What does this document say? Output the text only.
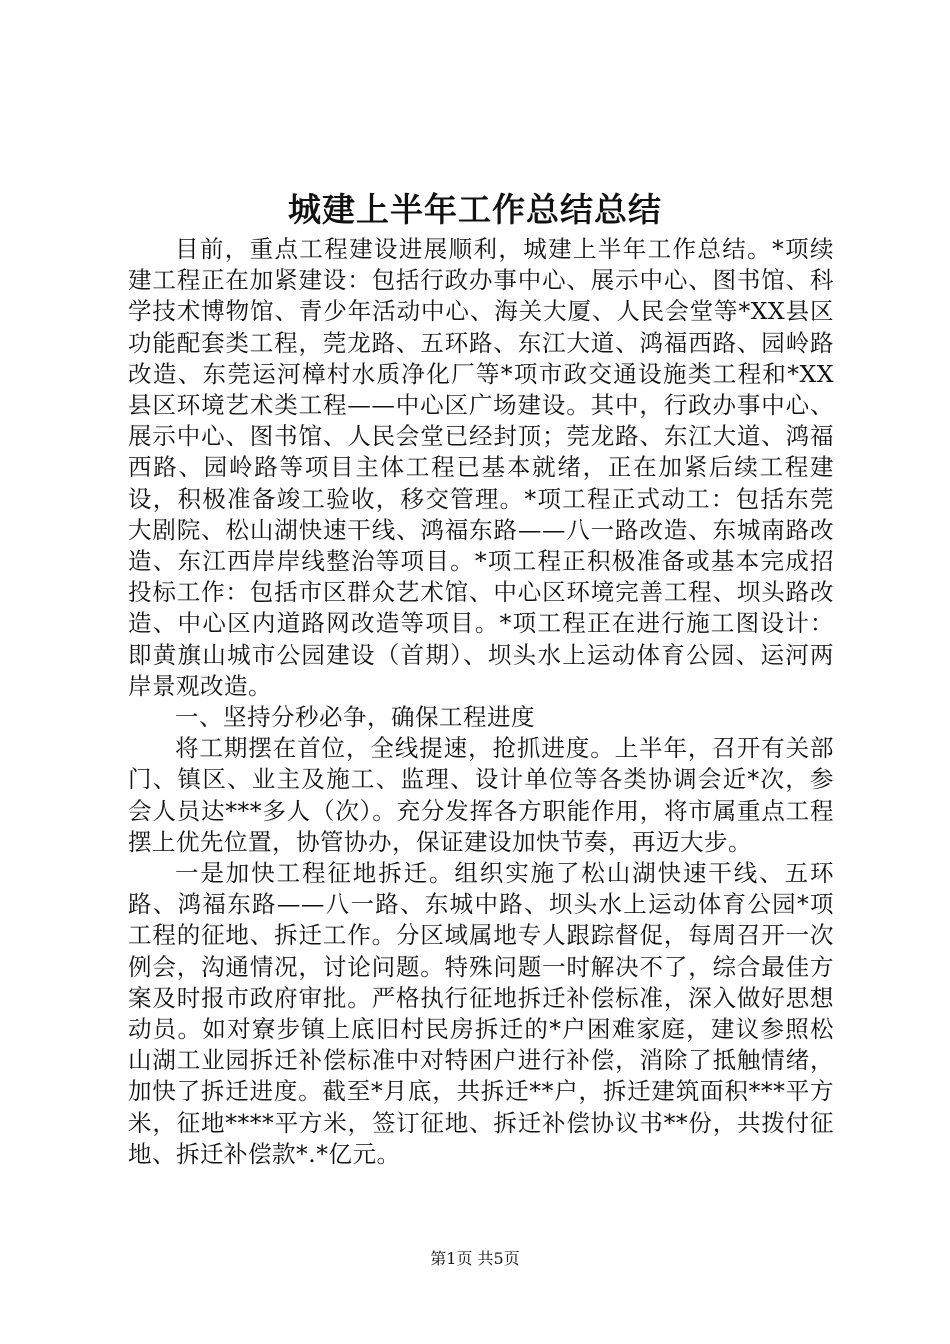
城建上半年工作总结总结

目前，重点工程建设进展顺利，城建上半年工作总结。*项续建工程正在加紧建设：包括行政办事中心、展示中心、图书馆、科学技术博物馆、青少年活动中心、海关大厦、人民会堂等*XX县区功能配套类工程，莞龙路、五环路、东江大道、鸿福西路、园岭路改造、东莞运河樟村水质净化厂等*项市政交通设施类工程和*XX县区环境艺术类工程——中心区广场建设。其中，行政办事中心、展示中心、图书馆、人民会堂已经封顶；莞龙路、东江大道、鸿福西路、园岭路等项目主体工程已基本就绪，正在加紧后续工程建设，积极准备竣工验收，移交管理。*项工程正式动工：包括东莞大剧院、松山湖快速干线、鸿福东路——八一路改造、东城南路改造、东江西岸岸线整治等项目。*项工程正积极准备或基本完成招投标工作：包括市区群众艺术馆、中心区环境完善工程、坝头路改造、中心区内道路网改造等项目。*项工程正在进行施工图设计：即黄旗山城市公园建设（首期）、坝头水上运动体育公园、运河两岸景观改造。

一、坚持分秒必争，确保工程进度

将工期摆在首位，全线提速，抢抓进度。上半年，召开有关部门、镇区、业主及施工、监理、设计单位等各类协调会近*次，参会人员达***多人（次）。充分发挥各方职能作用，将市属重点工程摆上优先位置，协管协办，保证建设加快节奏，再迈大步。

一是加快工程征地拆迁。组织实施了松山湖快速干线、五环路、鸿福东路——八一路、东城中路、坝头水上运动体育公园*项工程的征地、拆迁工作。分区域属地专人跟踪督促，每周召开一次例会，沟通情况，讨论问题。特殊问题一时解决不了，综合最佳方案及时报市政府审批。严格执行征地拆迁补偿标准，深入做好思想动员。如对寮步镇上底旧村民房拆迁的*户困难家庭，建议参照松山湖工业园拆迁补偿标准中对特困户进行补偿，消除了抵触情绪，加快了拆迁进度。截至*月底，共拆迁**户，拆迁建筑面积***平方米，征地****平方米，签订征地、拆迁补偿协议书**份，共拨付征地、拆迁补偿款*.*亿元。

第1页 共5页
